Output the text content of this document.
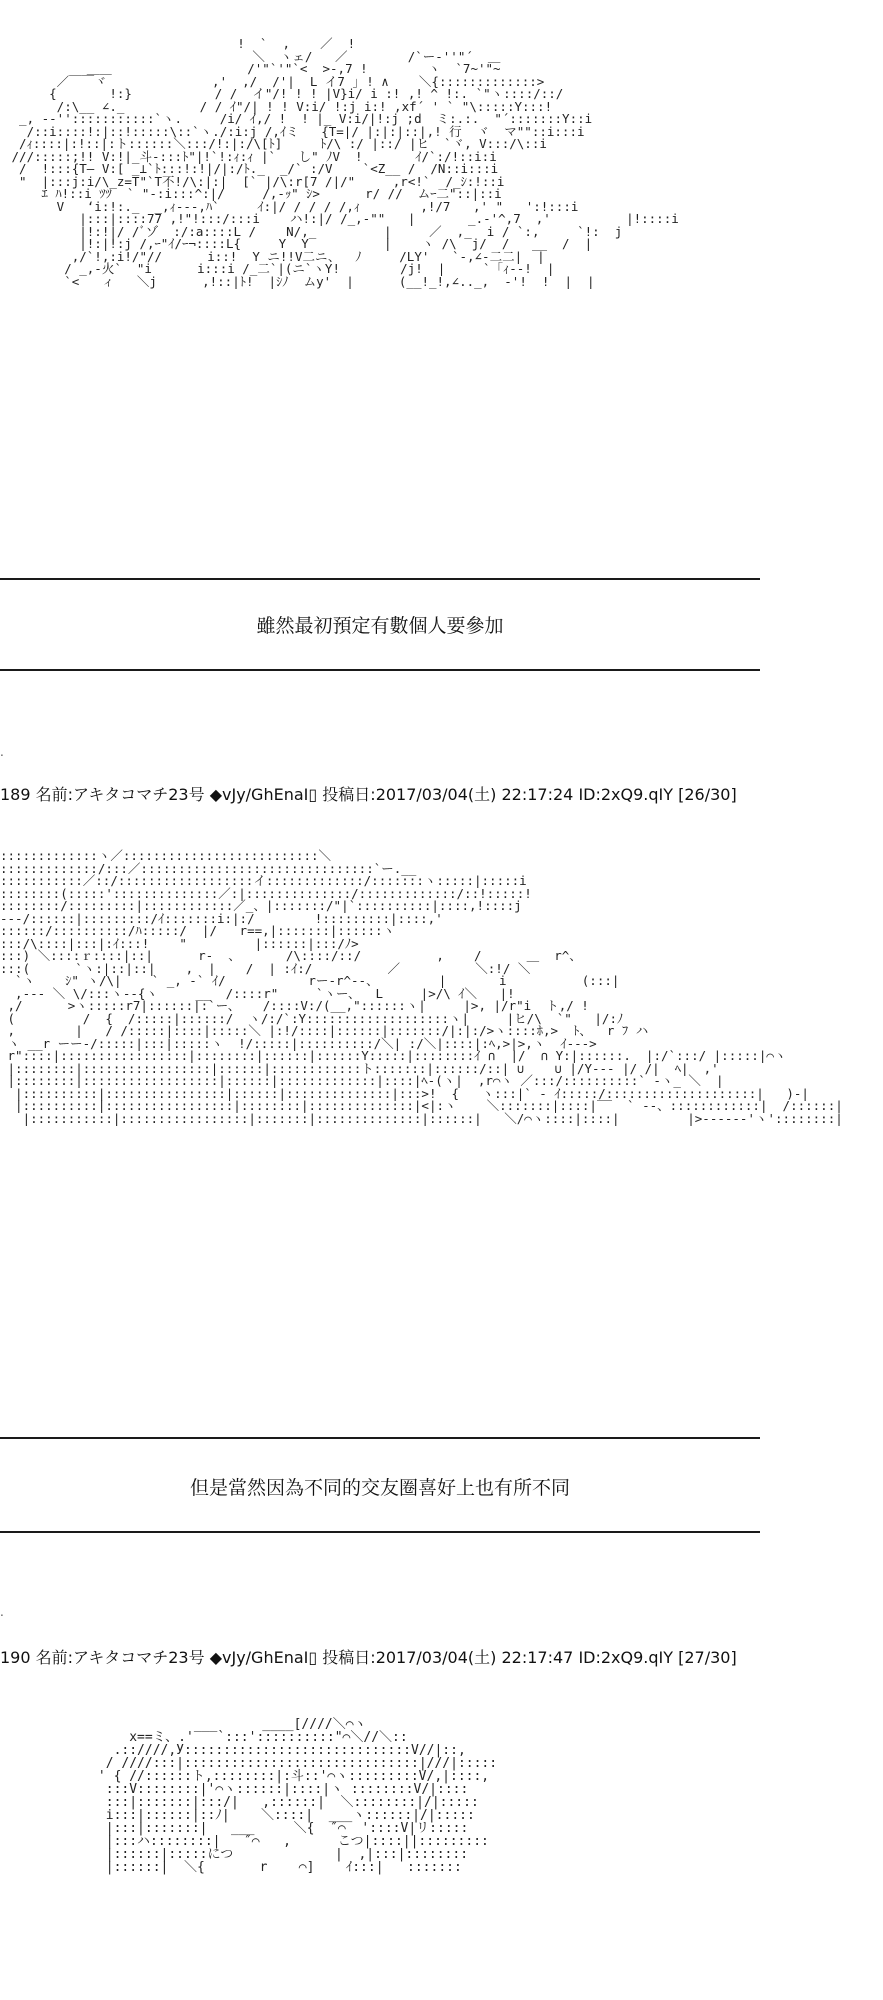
!  `  ,    ／  !
＼  ヽェ/   ／        /`ー‐''"´  ＿
＿＿                  /'"`'"`<  >-,7 !        ヽ  `7~'"~
／￣￣ヾ              ,'  ,/  /'|  L イ7 ｣ ! ∧    ＼{:::::::::::::>
{       !:}           / /  イ"/! ! ! |V}i/ i :! ,! ^ !:. `"ヽ::::/::/
/:\__ ∠._          / / ｲ"/| ! ! V:i/ !:j i:! ,xf´ ' ` "\:::::Y:::!
_, -‐'':::::::::::`ヽ.     /i/ ｲ,/ !  ! |_ V:i/|!:j ;d  ミ:.:.  "´:::::::Y::i
/::i::::!:|::!:::::\::`ヽ./:i:j /,ｲミ   {T=|/ |:|:|::|,! 行  ヾ  マ""::i:::i
/ｨ::::|:!::|:ト::::::＼:::/!:|:/\[ﾄ]     ﾄ/\ :/ |::/ |ヒ  `ヾ, V:::/\::i
///:::::;!! V:!|_斗-:::ﾄ"|!`!:ｨ:ｨ |`   し" ﾉV  !       ｲ/`:/!::i:i
/  !:::{T― V:[ _⊥`ﾄ:::!:!|/|:/ﾄ._  _/` :/V    `<Z__ /  /N::i:::i
"  |:::j:i/\_z=T"`T不!/\:|:|  [` |/\:r[7 /|/"     ,r<!`  /_ｼ:!::i
ｴ ﾊ!::i ﾂﾂ  ` "-:i:::^:|/     /,-ｯ" ｼ>      r/ //  ムｰ二"::|::i
V   ‘i:!:._  _,ｨ---,ﾊ`     ｲ:|/ / / / /,ｨ        ,!/7   ,' "   ':!:::i
|:::|::::77 ,!"!:::/:::i    ハ!:|/ /_,-""   |       _.-'^,7  ,'          |!::::i
|!:!|/ /ﾞゾ  :/:a::::L /    N/,_         |     ／  ,_  i / `:,     `!:  j
|!:|!:j /,ｰ"ｲ/ｰ¬::::L{     Y  Y          |    ヽ /\  j/  /   __  /  |
,/`!,:i!/"//      i::!  Y ニ!!V二ニ、  ﾉ     /LY'   `‐,∠‐二二|  |
/ _,-火`  "i      i:::i /_二`|(ニ`ヽY!        /j!  |     `「ｨ‐-!  |
`<   ィ   ＼j      ,!::|ﾄ!  |ｼﾉ  ムy'  |      (__!_!,∠.._,  ‐'!  !  |  |
雖然最初預定有數個人要參加
.
189 名前:アキタコマチ23号 ◆vJy/GhEnaI▯ 投稿日:2017/03/04(土) 22:17:24 ID:2xQ9.qIY [26/30]
:::::::::::::ヽ／::::::::::::::::::::::::::＼
:::::::::::::/:::／:::::::::::::::::::::::::::::::`ー.__
:::::::::::／::/::::::::::::::::::イ:::::::::::::/:::::::ヽ:::::|:::::i
::::::::(:::::'::::::::::::::／:|::::::::::::::/:::::::::::::/::!:::::!
::::::::/:::::::::|::::::::::::／_、|:::::::/"|`::::::::::|::::,!::::j
--‐/::::::|:::::::::/ｲ:::::::i:|:/        !:::::::::|::::,'
::::::/::::::::::/ﾊ:::::/  |/   r==,|:::::::|::::::ヽ
:::/\::::|:::|:ｲ:::!    "         |::::::|:::/ﾉ>
:::) ＼::::ｒ::::|::|      r‐  、      /\::::/::/          ,    /      ＿  r^、
:::(      `ヽ:|::|::|    ,  |    /  | :ｲ:/          ／          ＼:!/ ＼
`ヽ    ｼ" ヽ/\|    ` _, -` ｲ/           rー-r^‐-、        |       i          (:::|
,--- ＼ \/:::ヽ--{ヽ     __  /::::r"     `ヽー、  L     |>/\ ｲ＼   |!
,/      >ヽ:::::r7|::::::|:`ー、   /::::V:/(__,"::::::ヽ|     |>, |/r"i  ト,/ !
(         /  {  /:::::|::::::/  ヽ/:/`:Y:::::::::::::::::::ヽ|     |ヒ/\  `"   |/:ﾉ
,        |   / /:::::|::::|:::::＼ |:!/::::|::::::|:::::::/|:|:/>ヽ::::ﾎ,>  ﾄ、  r ﾌ ハ
ヽ __r ーー-/:::::|:::|:::::ヽ  !/:::::|::::::::::/＼| :/＼|::::|:ﾍ,>|>,ヽ  ｲ--->
r"::::|:::::::::::::::::|::::::::|::::::|::::::Y:::::|::::::::ｲ ∩  |/  ∩ Y:|::::::.  |:/`:::/ |:::::|⌒ヽ
|::::::::|:::::::::::::::::|::::::|::::::::::::ト:::::::|::::::/::| ∪    ∪ |/Y--‐ |/ /|  ﾍ|  ,'
|::::::::|::::::::::::::::::|::::::|:::::::::::::|::::|ﾍ-(ヽ|  ,r⌒ヽ ／:::/::::::::::` ‐ヽ_ ＼  |
|::::::::::|::::::::::::::::|::::::|::::::::::::::|:::>!  {   ヽ:::|` ‐ ｲ:::::/::::::::::::::::::::|   )‐|
|::::::::::|:::::::::::::::::|::::::::|::::::::::::::|<|:ヽ    ＼:::::::|::::|‾‾  ` ‐-、::::::::::::|  /::::::|
|:::::::::::|:::::::::::::::::|:::::::|::::::::::::::|::::::|   ＼/⌒ヽ::::|::::|         |>-‐‐‐‐‐'ヽ'::::::::|
但是當然因為不同的交友圈喜好上也有所不同
.
190 名前:アキタコマチ23号 ◆vJy/GhEnaI▯ 投稿日:2017/03/04(土) 22:17:47 ID:2xQ9.qIY [27/30]
____[////＼⌒ヽ
x==ミ、.'‾‾‾`:::'::::::::::"⌒＼//＼::
.::////,У:::::::::::::::::::::::::::::V//|::,
/ ////:::|::::::::::::::::::::::::::::::|///|:::::
' { //::::::ト,::::::::|:斗::'⌒ヽ:::::::::V/,|::::,
:::V::::::::|'⌒ヽ::::::|::::|ヽ ::::::::V/|::::
:::|:::::::|:::/|   ,::::::|  ＼::::::::|/|:::::
i:::|::::::|::ﾉ|    ＼::::|  ___ヽ::::::|/|:::::
|:::|:::::::|   ___     ＼{  ″⌒  '::::V|リ:::::
|:::ハ::::::::|   ″⌒   ,      こつ|::::||:::::::::
|::::::|:::::につ             |  ,|:::|::::::::
|::::::|  ＼{       r    ⌒]    ｲ:::|   :::::::
